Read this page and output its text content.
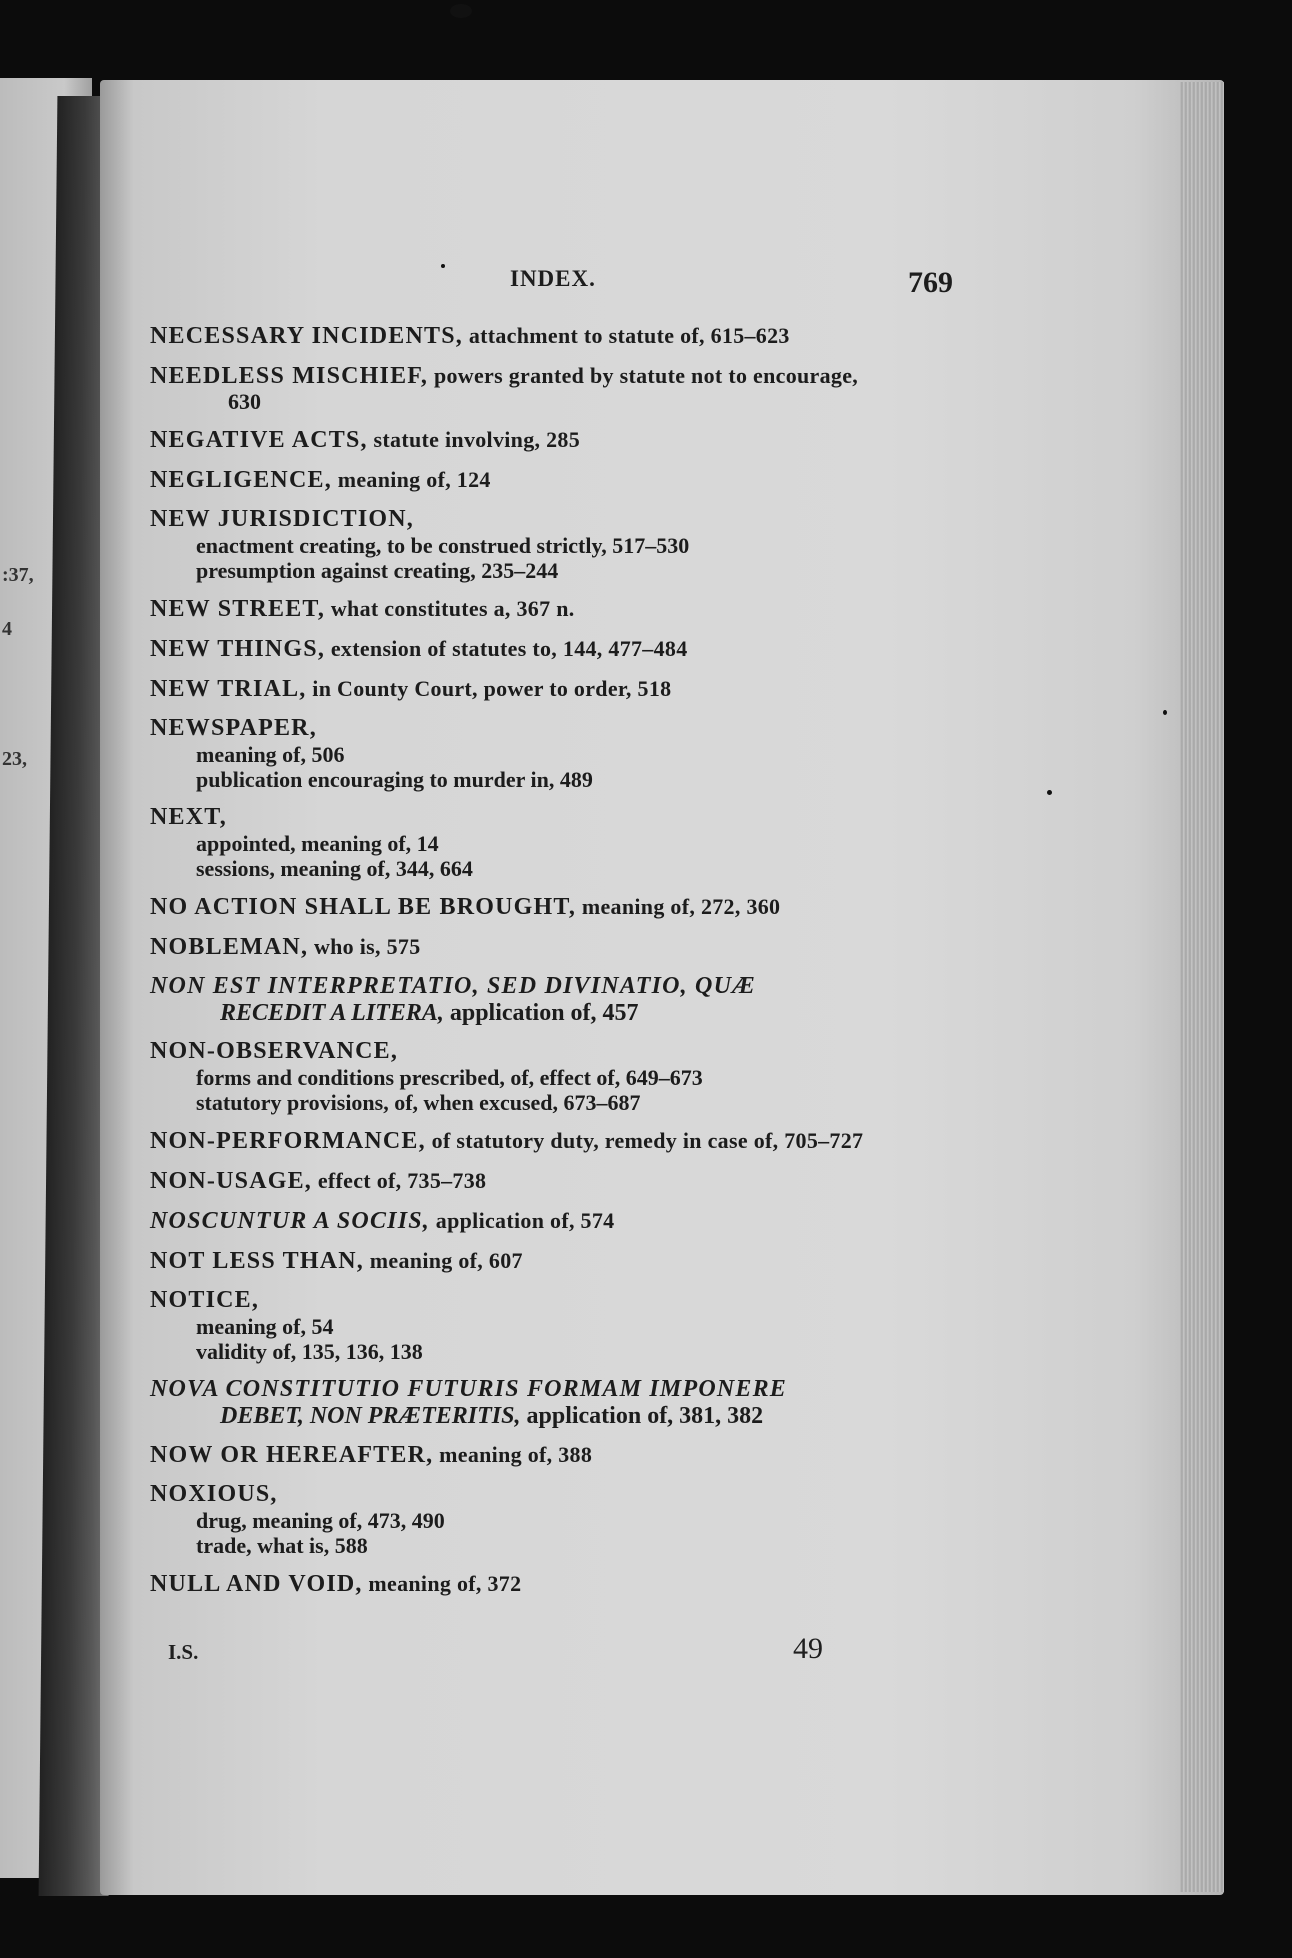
:37,
4
23,
INDEX.	769
NECESSARY INCIDENTS, attachment to statute of, 615–623
NEEDLESS MISCHIEF, powers granted by statute not to encourage,
630
NEGATIVE ACTS, statute involving, 285
NEGLIGENCE, meaning of, 124
NEW JURISDICTION,
enactment creating, to be construed strictly, 517–530
presumption against creating, 235–244
NEW STREET, what constitutes a, 367 n.
NEW THINGS, extension of statutes to, 144, 477–484
NEW TRIAL, in County Court, power to order, 518
NEWSPAPER,
meaning of, 506
publication encouraging to murder in, 489
NEXT,
appointed, meaning of, 14
sessions, meaning of, 344, 664
NO ACTION SHALL BE BROUGHT, meaning of, 272, 360
NOBLEMAN, who is, 575
NON EST INTERPRETATIO, SED DIVINATIO, QUÆ
RECEDIT A LITERA, application of, 457
NON-OBSERVANCE,
forms and conditions prescribed, of, effect of, 649–673
statutory provisions, of, when excused, 673–687
NON-PERFORMANCE, of statutory duty, remedy in case of, 705–727
NON-USAGE, effect of, 735–738
NOSCUNTUR A SOCIIS, application of, 574
NOT LESS THAN, meaning of, 607
NOTICE,
meaning of, 54
validity of, 135, 136, 138
NOVA CONSTITUTIO FUTURIS FORMAM IMPONERE
DEBET, NON PRÆTERITIS, application of, 381, 382
NOW OR HEREAFTER, meaning of, 388
NOXIOUS,
drug, meaning of, 473, 490
trade, what is, 588
NULL AND VOID, meaning of, 372
I.S.	49
